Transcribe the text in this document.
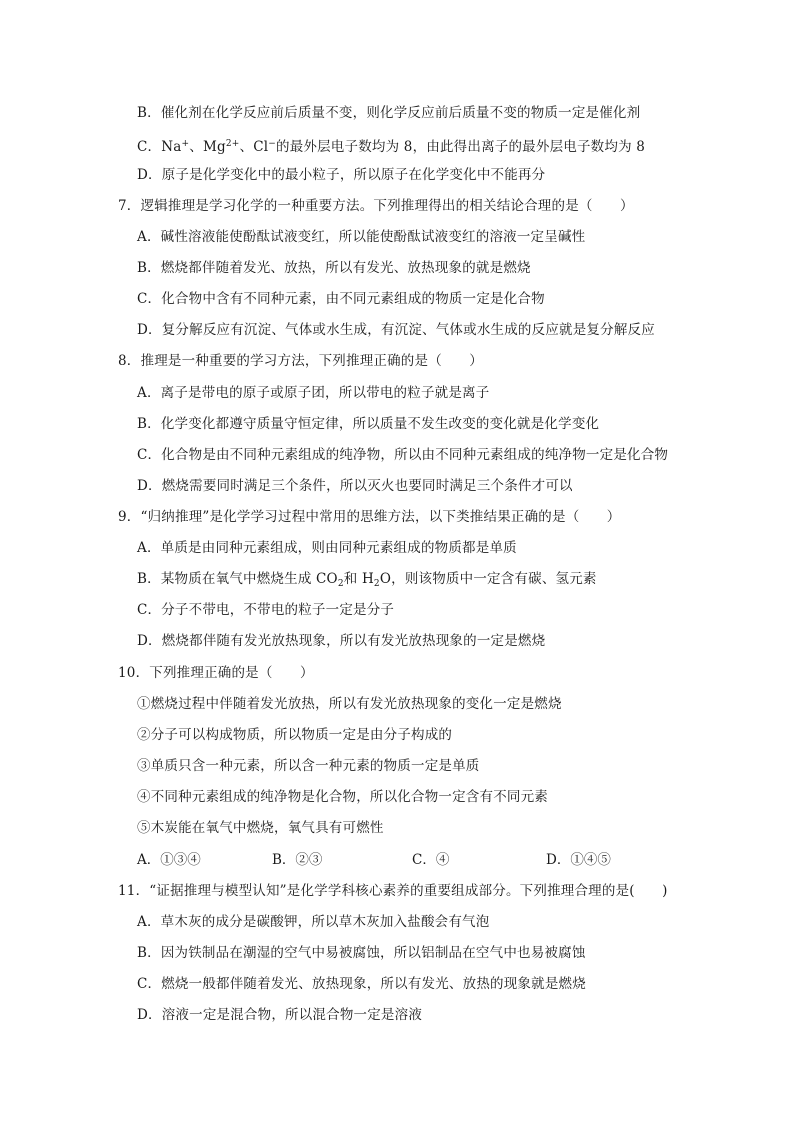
B．催化剂在化学反应前后质量不变，则化学反应前后质量不变的物质一定是催化剂
C．Na+、$Mg^{2+}$、Cl−的最外层电子数均为 8，由此得出离子的最外层电子数均为 8
D．原子是化学变化中的最小粒子，所以原子在化学变化中不能再分
7．逻辑推理是学习化学的一种重要方法。下列推理得出的相关结论合理的是（　　）
A．碱性溶液能使酚酞试液变红，所以能使酚酞试液变红的溶液一定呈碱性
B．燃烧都伴随着发光、放热，所以有发光、放热现象的就是燃烧
C．化合物中含有不同种元素，由不同元素组成的物质一定是化合物
D．复分解反应有沉淀、气体或水生成，有沉淀、气体或水生成的反应就是复分解反应
8．推理是一种重要的学习方法，下列推理正确的是（　　）
A．离子是带电的原子或原子团，所以带电的粒子就是离子
B．化学变化都遵守质量守恒定律，所以质量不发生改变的变化就是化学变化
C．化合物是由不同种元素组成的纯净物，所以由不同种元素组成的纯净物一定是化合物
D．燃烧需要同时满足三个条件，所以灭火也要同时满足三个条件才可以
9．“归纳推理”是化学学习过程中常用的思维方法，以下类推结果正确的是（　　）
A．单质是由同种元素组成，则由同种元素组成的物质都是单质
B．某物质在氧气中燃烧生成 $CO_2$和 $H_2O$，则该物质中一定含有碳、氢元素
C．分子不带电，不带电的粒子一定是分子
D．燃烧都伴随有发光放热现象，所以有发光放热现象的一定是燃烧
10．下列推理正确的是（　　）
①燃烧过程中伴随着发光放热，所以有发光放热现象的变化一定是燃烧
②分子可以构成物质，所以物质一定是由分子构成的
③单质只含一种元素，所以含一种元素的物质一定是单质
④不同种元素组成的纯净物是化合物，所以化合物一定含有不同元素
⑤木炭能在氧气中燃烧，氧气具有可燃性
A．①③④	B．②③	C．④	D．①④⑤
11．“证据推理与模型认知”是化学学科核心素养的重要组成部分。下列推理合理的是(　　)
A．草木灰的成分是碳酸钾，所以草木灰加入盐酸会有气泡
B．因为铁制品在潮湿的空气中易被腐蚀，所以铝制品在空气中也易被腐蚀
C．燃烧一般都伴随着发光、放热现象，所以有发光、放热的现象就是燃烧
D．溶液一定是混合物，所以混合物一定是溶液
